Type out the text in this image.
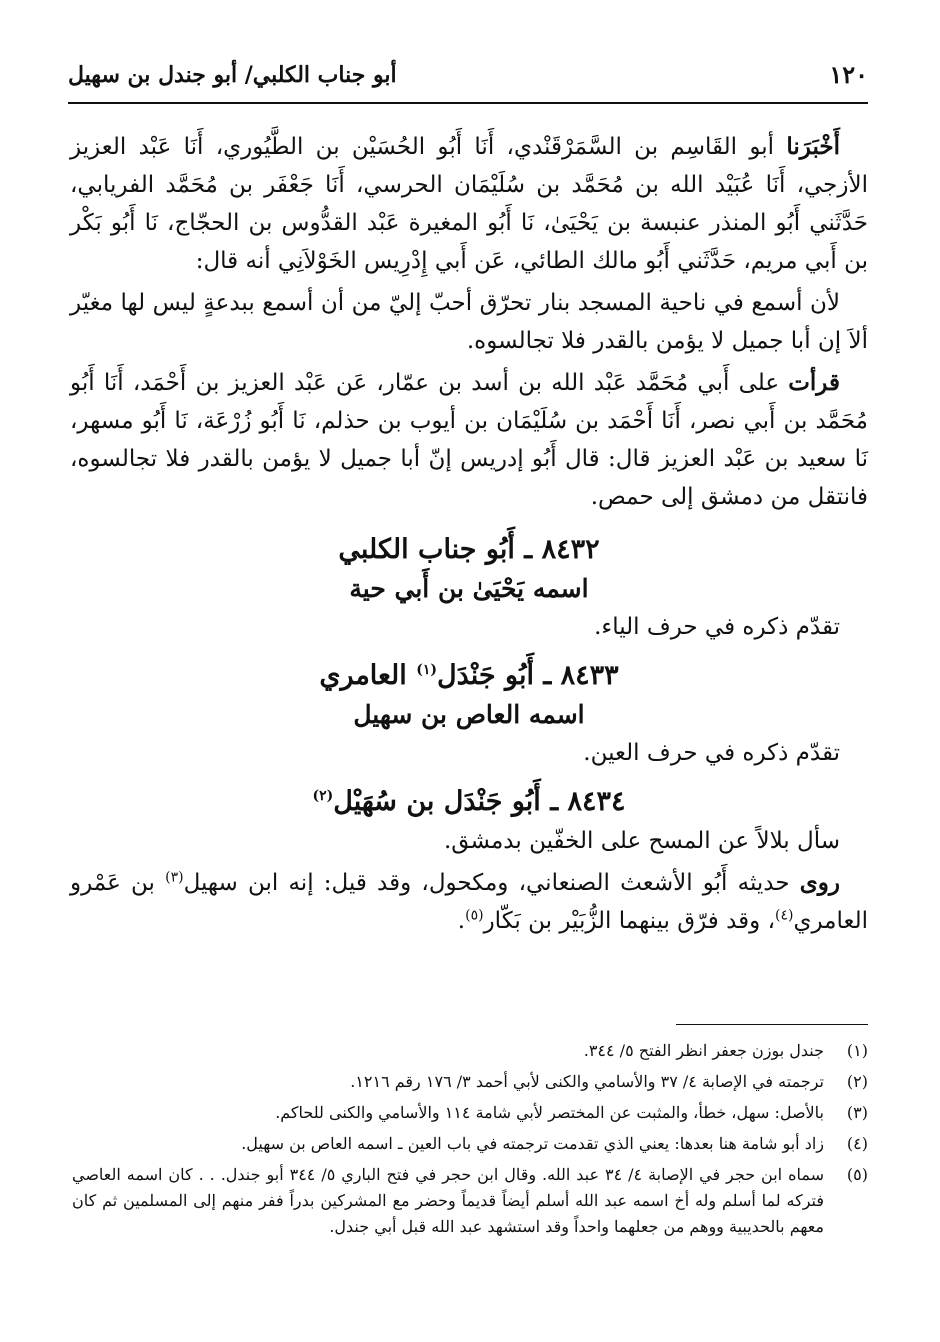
١٢٠
أبو جناب الكلبي/ أبو جندل بن سهيل

أَخْبَرَنا أبو القَاسِم بن السَّمَرْقَنْدي، أَنَا أَبُو الحُسَيْن بن الطَّيُوري، أَنَا عَبْد العزيز الأزجي، أَنَا عُبَيْد الله بن مُحَمَّد بن سُلَيْمَان الحرسي، أَنَا جَعْفَر بن مُحَمَّد الفريابي، حَدَّثَني أَبُو المنذر عنبسة بن يَحْيَىٰ، نَا أَبُو المغيرة عَبْد القدُّوس بن الحجّاج، نَا أَبُو بَكْر بن أَبي مريم، حَدَّثَني أَبُو مالك الطائي، عَن أَبي إِدْرِيس الخَوْلاَنِي أنه قال:

لأن أسمع في ناحية المسجد بنار تحرّق أحبّ إليّ من أن أسمع ببدعةٍ ليس لها مغيّر ألاَ إن أبا جميل لا يؤمن بالقدر فلا تجالسوه.

قرأت على أَبي مُحَمَّد عَبْد الله بن أسد بن عمّار، عَن عَبْد العزيز بن أَحْمَد، أَنَا أَبُو مُحَمَّد بن أَبي نصر، أَنَا أَحْمَد بن سُلَيْمَان بن أيوب بن حذلم، نَا أَبُو زُرْعَة، نَا أَبُو مسهر، نَا سعيد بن عَبْد العزيز قال: قال أَبُو إدريس إنّ أبا جميل لا يؤمن بالقدر فلا تجالسوه، فانتقل من دمشق إلى حمص.

٨٤٣٢ ـ أَبُو جناب الكلبي

اسمه يَحْيَىٰ بن أَبي حية

تقدّم ذكره في حرف الياء.

٨٤٣٣ ـ أَبُو جَنْدَل$^{(١)}$ العامري

اسمه العاص بن سهيل

تقدّم ذكره في حرف العين.

٨٤٣٤ ـ أَبُو جَنْدَل بن سُهَيْل$^{(٢)}$

سأل بلالاً عن المسح على الخفّين بدمشق.

روى حديثه أَبُو الأشعث الصنعاني، ومكحول، وقد قيل: إنه ابن سهيل$^{(٣)}$ بن عَمْرو العامري$^{(٤)}$، وقد فرّق بينهما الزُّبَيْر بن بَكّار$^{(٥)}$.

(١)
جندل بوزن جعفر انظر الفتح ٥/ ٣٤٤.
(٢)
ترجمته في الإصابة ٤/ ٣٧ والأسامي والكنى لأبي أحمد ٣/ ١٧٦ رقم ١٢١٦.
(٣)
بالأصل: سهل، خطأ، والمثبت عن المختصر لأبي شامة ١١٤ والأسامي والكنى للحاكم.
(٤)
زاد أبو شامة هنا بعدها: يعني الذي تقدمت ترجمته في باب العين ـ اسمه العاص بن سهيل.
(٥)
سماه ابن حجر في الإصابة ٤/ ٣٤ عبد الله. وقال ابن حجر في فتح الباري ٥/ ٣٤٤ أبو جندل. . . كان اسمه العاصي فتركه لما أسلم وله أخ اسمه عبد الله أسلم أيضاً قديماً وحضر مع المشركين بدراً ففر منهم إلى المسلمين ثم كان معهم بالحديبية ووهم من جعلهما واحداً وقد استشهد عبد الله قبل أبي جندل.
